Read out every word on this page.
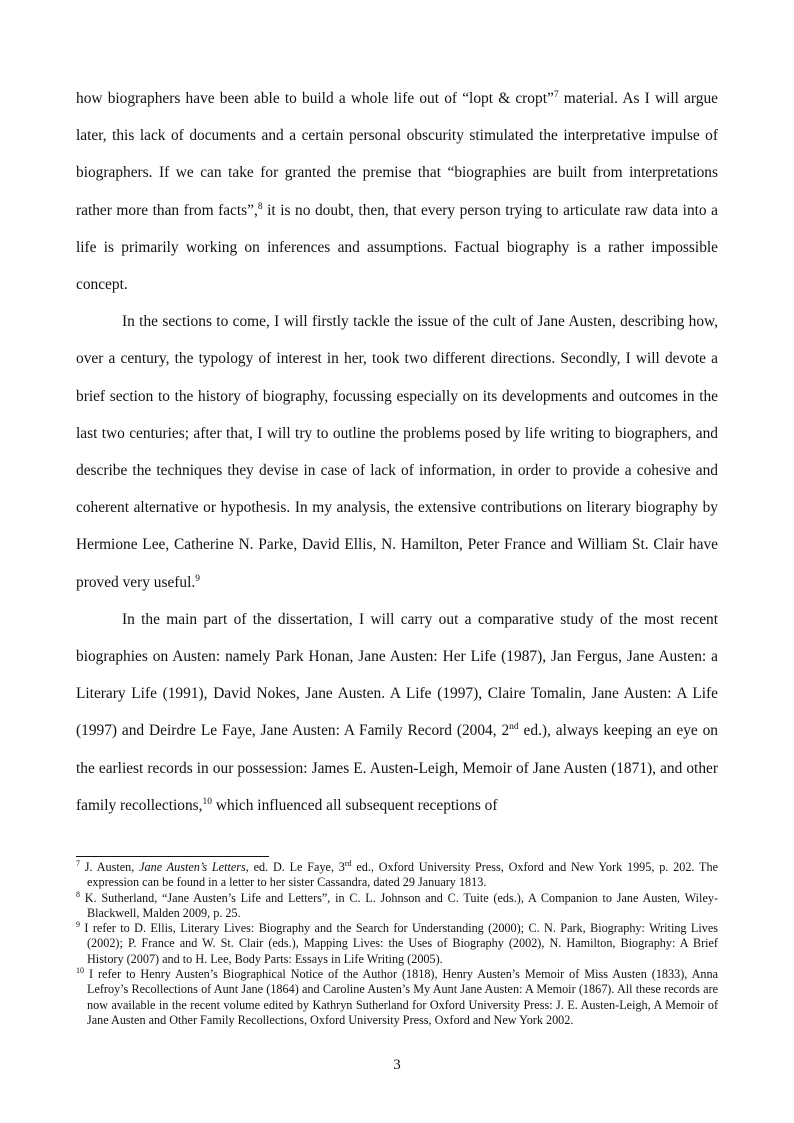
how biographers have been able to build a whole life out of “lopt & cropt”$^7$ material. As I will argue later, this lack of documents and a certain personal obscurity stimulated the interpretative impulse of biographers. If we can take for granted the premise that “biographies are built from interpretations rather more than from facts”,$^8$ it is no doubt, then, that every person trying to articulate raw data into a life is primarily working on inferences and assumptions. Factual biography is a rather impossible concept.

In the sections to come, I will firstly tackle the issue of the cult of Jane Austen, describing how, over a century, the typology of interest in her, took two different directions. Secondly, I will devote a brief section to the history of biography, focussing especially on its developments and outcomes in the last two centuries; after that, I will try to outline the problems posed by life writing to biographers, and describe the techniques they devise in case of lack of information, in order to provide a cohesive and coherent alternative or hypothesis. In my analysis, the extensive contributions on literary biography by Hermione Lee, Catherine N. Parke, David Ellis, N. Hamilton, Peter France and William St. Clair have proved very useful.$^9$

In the main part of the dissertation, I will carry out a comparative study of the most recent biographies on Austen: namely Park Honan, Jane Austen: Her Life (1987), Jan Fergus, Jane Austen: a Literary Life (1991), David Nokes, Jane Austen. A Life (1997), Claire Tomalin, Jane Austen: A Life (1997) and Deirdre Le Faye, Jane Austen: A Family Record (2004, 2nd ed.), always keeping an eye on the earliest records in our possession: James E. Austen-Leigh, Memoir of Jane Austen (1871), and other family recollections,$^{10}$ which influenced all subsequent receptions of

$^7$ J. Austen, Jane Austen’s Letters, ed. D. Le Faye, 3rd ed., Oxford University Press, Oxford and New York 1995, p. 202. The expression can be found in a letter to her sister Cassandra, dated 29 January 1813.

$^8$ K. Sutherland, “Jane Austen’s Life and Letters”, in C. L. Johnson and C. Tuite (eds.), A Companion to Jane Austen, Wiley-Blackwell, Malden 2009, p. 25.

$^9$ I refer to D. Ellis, Literary Lives: Biography and the Search for Understanding (2000); C. N. Park, Biography: Writing Lives (2002); P. France and W. St. Clair (eds.), Mapping Lives: the Uses of Biography (2002), N. Hamilton, Biography: A Brief History (2007) and to H. Lee, Body Parts: Essays in Life Writing (2005).

$^{10}$ I refer to Henry Austen’s Biographical Notice of the Author (1818), Henry Austen’s Memoir of Miss Austen (1833), Anna Lefroy’s Recollections of Aunt Jane (1864) and Caroline Austen’s My Aunt Jane Austen: A Memoir (1867). All these records are now available in the recent volume edited by Kathryn Sutherland for Oxford University Press: J. E. Austen-Leigh, A Memoir of Jane Austen and Other Family Recollections, Oxford University Press, Oxford and New York 2002.

3
